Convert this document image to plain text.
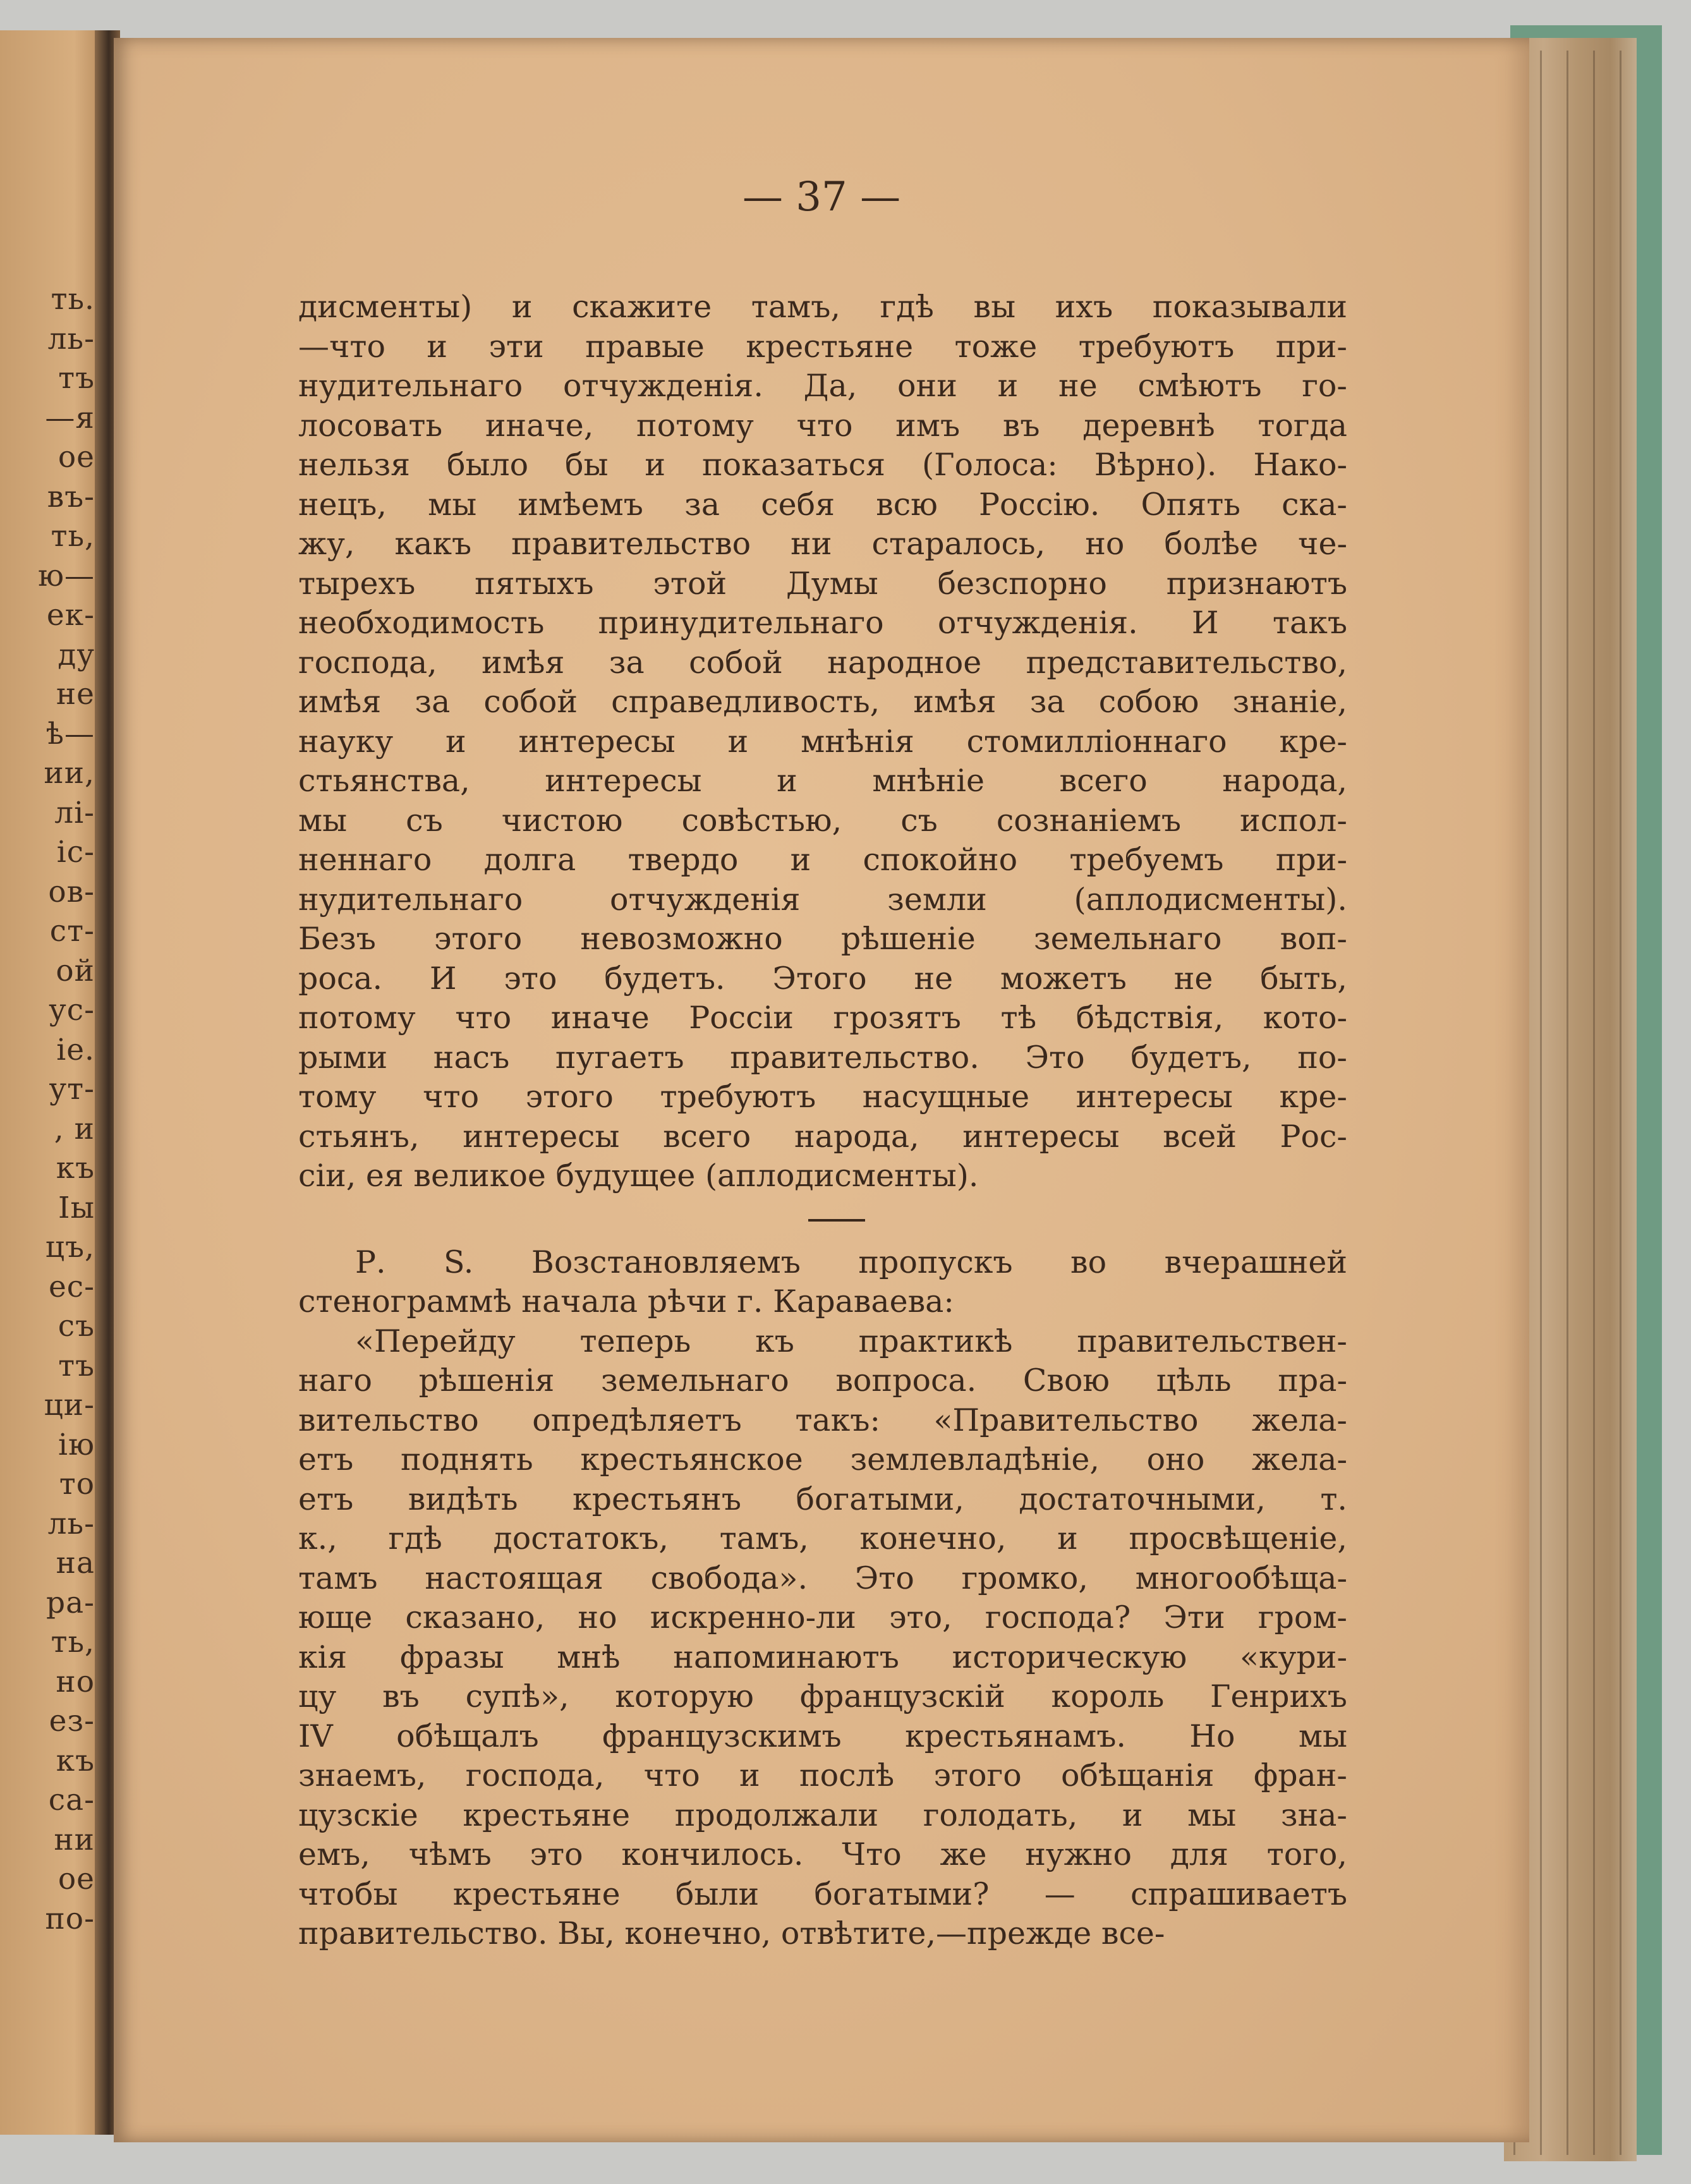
ть.
ль-
тъ
—я
ое
въ-
ть,
ю—
ек-
ду
не
ѣ—
ии,
лі-
іс-
ов-
ст-
ой
ус-
іе.
ут-
, и
къ
Іы
цъ,
ес-
съ
тъ
ци-
ію
то
ль-
на
ра-
ть,
но
ез-
къ
са-
ни
ое
по-
— 37 —
дисменты) и скажите тамъ, гдѣ вы ихъ показывали
—что и эти правые крестьяне тоже требуютъ при-
нудительнаго отчужденія. Да, они и не смѣютъ го-
лосовать иначе, потому что имъ въ деревнѣ тогда
нельзя было бы и показаться (Голоса: Вѣрно). Нако-
нецъ, мы имѣемъ за себя всю Россію. Опять ска-
жу, какъ правительство ни старалось, но болѣе че-
тырехъ пятыхъ этой Думы безспорно признаютъ
необходимость принудительнаго отчужденія. И такъ
господа, имѣя за собой народное представительство,
имѣя за собой справедливость, имѣя за собою знаніе,
науку и интересы и мнѣнія стомилліоннаго кре-
стьянства, интересы и мнѣніе всего народа,
мы съ чистою совѣстью, съ сознаніемъ испол-
неннаго долга твердо и спокойно требуемъ при-
нудительнаго отчужденія земли (аплодисменты).
Безъ этого невозможно рѣшеніе земельнаго воп-
роса. И это будетъ. Этого не можетъ не быть,
потому что иначе Россіи грозятъ тѣ бѣдствія, кото-
рыми насъ пугаетъ правительство. Это будетъ, по-
тому что этого требуютъ насущные интересы кре-
стьянъ, интересы всего народа, интересы всей Рос-
сіи, ея великое будущее (аплодисменты).
Р. S. Возстановляемъ пропускъ во вчерашней
стенограммѣ начала рѣчи г. Караваева:
«Перейду теперь къ практикѣ правительствен-
наго рѣшенія земельнаго вопроса. Свою цѣль пра-
вительство опредѣляетъ такъ: «Правительство жела-
етъ поднять крестьянское землевладѣніе, оно жела-
етъ видѣть крестьянъ богатыми, достаточными, т.
к., гдѣ достатокъ, тамъ, конечно, и просвѣщеніе,
тамъ настоящая свобода». Это громко, многообѣща-
юще сказано, но искренно-ли это, господа? Эти гром-
кія фразы мнѣ напоминаютъ историческую «кури-
цу въ супѣ», которую французскій король Генрихъ
IV обѣщалъ французскимъ крестьянамъ. Но мы
знаемъ, господа, что и послѣ этого обѣщанія фран-
цузскіе крестьяне продолжали голодать, и мы зна-
емъ, чѣмъ это кончилось. Что же нужно для того,
чтобы крестьяне были богатыми? — спрашиваетъ
правительство. Вы, конечно, отвѣтите,—прежде все-
